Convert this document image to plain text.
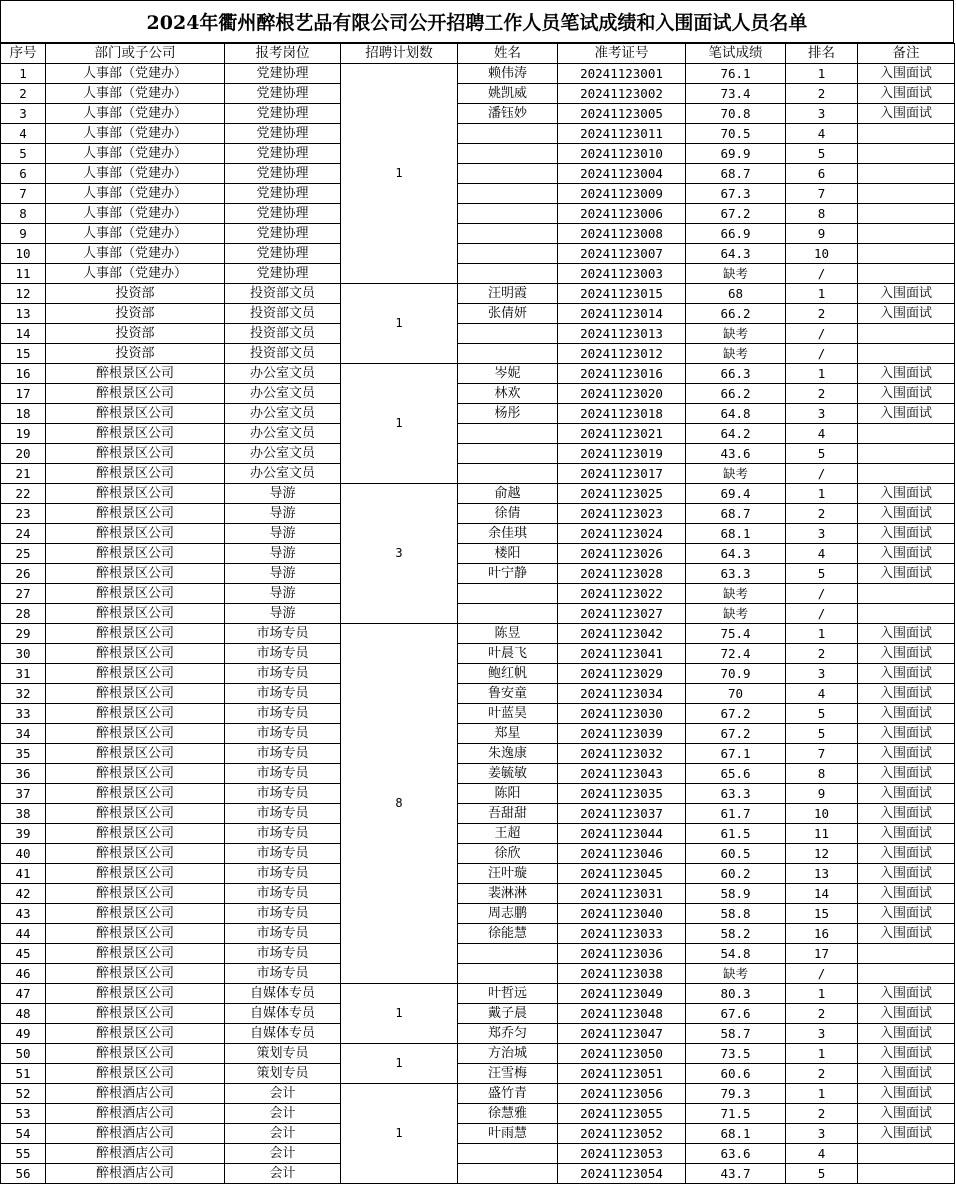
2024年衢州醉根艺品有限公司公开招聘工作人员笔试成绩和入围面试人员名单
序号	部门或子公司	报考岗位	招聘计划数	姓名	准考证号	笔试成绩	排名	备注
1	人事部（党建办）	党建协理	1	赖伟涛	20241123001	76.1	1	入围面试
2	人事部（党建办）	党建协理		姚凯威	20241123002	73.4	2	入围面试
3	人事部（党建办）	党建协理		潘钰妙	20241123005	70.8	3	入围面试
4	人事部（党建办）	党建协理			20241123011	70.5	4	
5	人事部（党建办）	党建协理			20241123010	69.9	5	
6	人事部（党建办）	党建协理			20241123004	68.7	6	
7	人事部（党建办）	党建协理			20241123009	67.3	7	
8	人事部（党建办）	党建协理			20241123006	67.2	8	
9	人事部（党建办）	党建协理			20241123008	66.9	9	
10	人事部（党建办）	党建协理			20241123007	64.3	10	
11	人事部（党建办）	党建协理			20241123003	缺考	/	
12	投资部	投资部文员	1	汪明霞	20241123015	68	1	入围面试
13	投资部	投资部文员		张倩妍	20241123014	66.2	2	入围面试
14	投资部	投资部文员			20241123013	缺考	/	
15	投资部	投资部文员			20241123012	缺考	/	
16	醉根景区公司	办公室文员	1	岑妮	20241123016	66.3	1	入围面试
17	醉根景区公司	办公室文员		林欢	20241123020	66.2	2	入围面试
18	醉根景区公司	办公室文员		杨彤	20241123018	64.8	3	入围面试
19	醉根景区公司	办公室文员			20241123021	64.2	4	
20	醉根景区公司	办公室文员			20241123019	43.6	5	
21	醉根景区公司	办公室文员			20241123017	缺考	/	
22	醉根景区公司	导游	3	俞越	20241123025	69.4	1	入围面试
23	醉根景区公司	导游		徐倩	20241123023	68.7	2	入围面试
24	醉根景区公司	导游		余佳琪	20241123024	68.1	3	入围面试
25	醉根景区公司	导游		楼阳	20241123026	64.3	4	入围面试
26	醉根景区公司	导游		叶宁静	20241123028	63.3	5	入围面试
27	醉根景区公司	导游			20241123022	缺考	/	
28	醉根景区公司	导游			20241123027	缺考	/	
29	醉根景区公司	市场专员	8	陈昱	20241123042	75.4	1	入围面试
30	醉根景区公司	市场专员		叶晨飞	20241123041	72.4	2	入围面试
31	醉根景区公司	市场专员		鲍红帆	20241123029	70.9	3	入围面试
32	醉根景区公司	市场专员		鲁安童	20241123034	70	4	入围面试
33	醉根景区公司	市场专员		叶蓝昊	20241123030	67.2	5	入围面试
34	醉根景区公司	市场专员		郑星	20241123039	67.2	5	入围面试
35	醉根景区公司	市场专员		朱逸康	20241123032	67.1	7	入围面试
36	醉根景区公司	市场专员		姜毓敏	20241123043	65.6	8	入围面试
37	醉根景区公司	市场专员		陈阳	20241123035	63.3	9	入围面试
38	醉根景区公司	市场专员		吾甜甜	20241123037	61.7	10	入围面试
39	醉根景区公司	市场专员		王超	20241123044	61.5	11	入围面试
40	醉根景区公司	市场专员		徐欣	20241123046	60.5	12	入围面试
41	醉根景区公司	市场专员		汪叶璇	20241123045	60.2	13	入围面试
42	醉根景区公司	市场专员		裴淋淋	20241123031	58.9	14	入围面试
43	醉根景区公司	市场专员		周志鹏	20241123040	58.8	15	入围面试
44	醉根景区公司	市场专员		徐能慧	20241123033	58.2	16	入围面试
45	醉根景区公司	市场专员			20241123036	54.8	17	
46	醉根景区公司	市场专员			20241123038	缺考	/	
47	醉根景区公司	自媒体专员	1	叶哲远	20241123049	80.3	1	入围面试
48	醉根景区公司	自媒体专员		戴子晨	20241123048	67.6	2	入围面试
49	醉根景区公司	自媒体专员		郑乔匀	20241123047	58.7	3	入围面试
50	醉根景区公司	策划专员	1	方治城	20241123050	73.5	1	入围面试
51	醉根景区公司	策划专员		汪雪梅	20241123051	60.6	2	入围面试
52	醉根酒店公司	会计	1	盛竹青	20241123056	79.3	1	入围面试
53	醉根酒店公司	会计		徐慧雅	20241123055	71.5	2	入围面试
54	醉根酒店公司	会计		叶雨慧	20241123052	68.1	3	入围面试
55	醉根酒店公司	会计			20241123053	63.6	4	
56	醉根酒店公司	会计			20241123054	43.7	5	
